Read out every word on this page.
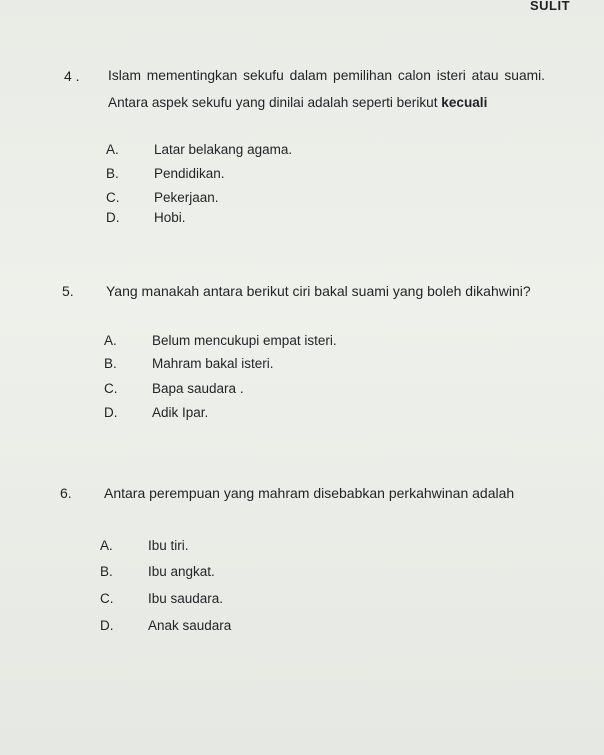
SULIT
4 . Islam mementingkan sekufu dalam pemilihan calon isteri atau suami.
Antara aspek sekufu yang dinilai adalah seperti berikut kecuali
A.	Latar belakang agama.
B.	Pendidikan.
C.	Pekerjaan.
D.	Hobi.
5. Yang manakah antara berikut ciri bakal suami yang boleh dikahwini?
A.	Belum mencukupi empat isteri.
B.	Mahram bakal isteri.
C.	Bapa saudara .
D.	Adik Ipar.
6. Antara perempuan yang mahram disebabkan perkahwinan adalah
A.	Ibu tiri.
B.	Ibu angkat.
C.	Ibu saudara.
D.	Anak saudara
